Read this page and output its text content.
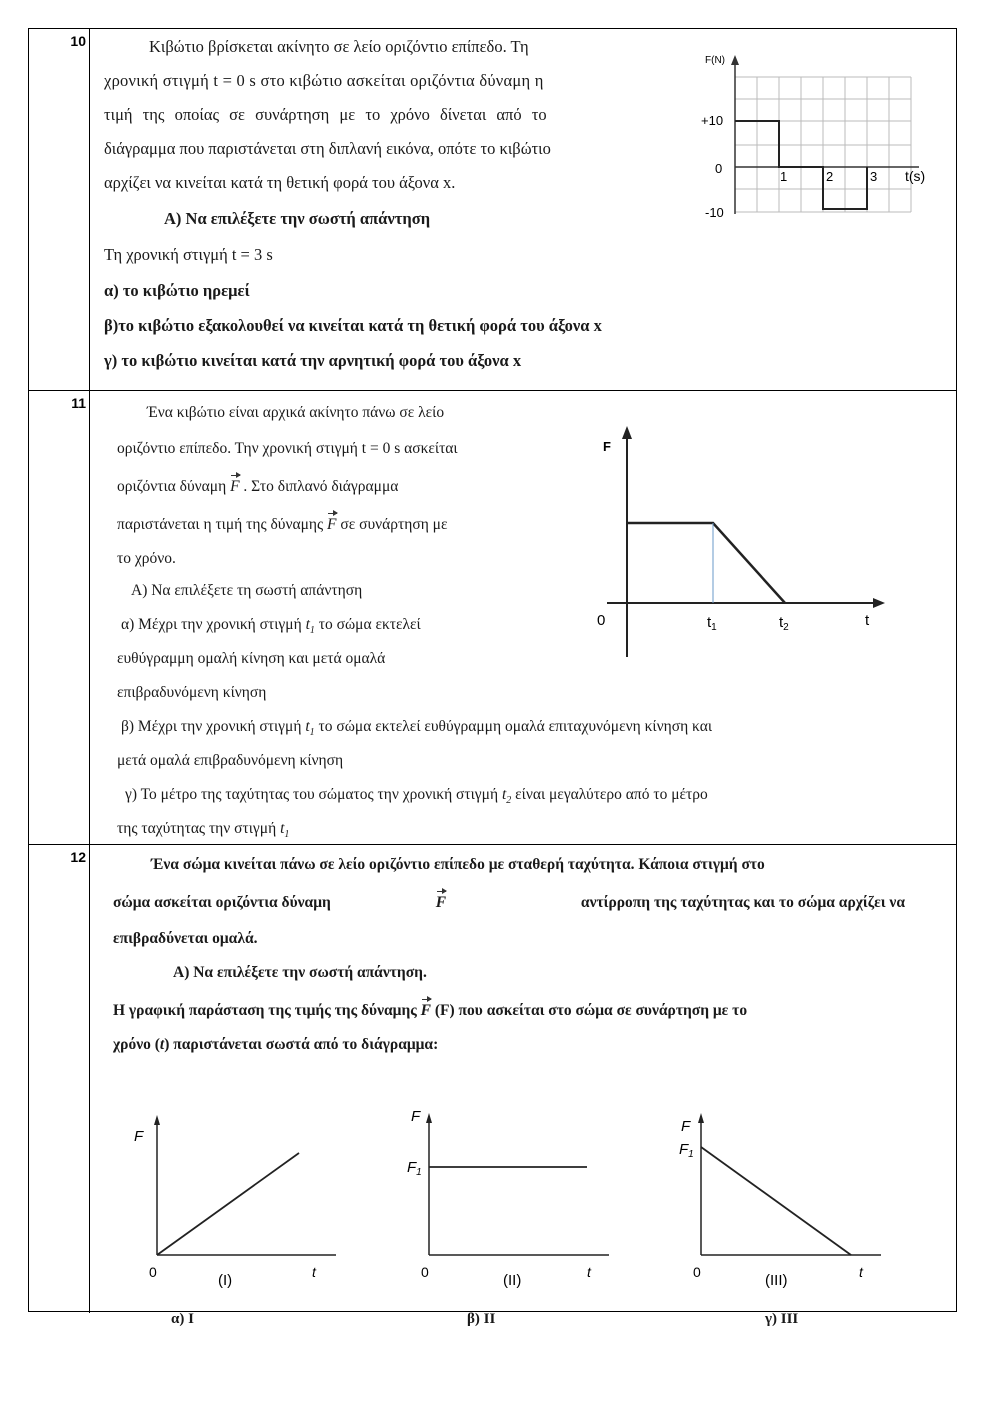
10	Κιβώτιο βρίσκεται ακίνητο σε λείο οριζόντιο επίπεδο. Τη
χρονική στιγμή t = 0 s στο κιβώτιο ασκείται οριζόντια δύναμη η
τιμή της οποίας σε συνάρτηση με το χρόνο δίνεται από το
διάγραμμα που παριστάνεται στη διπλανή εικόνα, οπότε το κιβώτιο
αρχίζει να κινείται κατά τη θετική φορά του άξονα x.
Α) Να επιλέξετε την σωστή απάντηση
Τη χρονική στιγμή t = 3 s
α) το κιβώτιο ηρεμεί
β)το κιβώτιο εξακολουθεί να κινείται κατά τη θετική φορά του άξονα x
γ) το κιβώτιο κινείται κατά την αρνητική φορά του άξονα x
F(N)
+10
0
-10
1	2	3 t(s)
11
Ένα κιβώτιο είναι αρχικά ακίνητο πάνω σε λείο
οριζόντιο επίπεδο. Την χρονική στιγμή t = 0 s ασκείται
οριζόντια δύναμη F . Στο διπλανό διάγραμμα
παριστάνεται η τιμή της δύναμης F σε συνάρτηση με
το χρόνο.
Α) Να επιλέξετε τη σωστή απάντηση
α) Μέχρι την χρονική στιγμή $t_1$ το σώμα εκτελεί
ευθύγραμμη ομαλή κίνηση και μετά ομαλά
επιβραδυνόμενη κίνηση
β) Μέχρι την χρονική στιγμή $t_1$ το σώμα εκτελεί ευθύγραμμη ομαλά επιταχυνόμενη κίνηση και
μετά ομαλά επιβραδυνόμενη κίνηση
γ) Το μέτρο της ταχύτητας του σώματος την χρονική στιγμή $t_2$ είναι μεγαλύτερο από το μέτρο
της ταχύτητας την στιγμή $t_1$
F
0	$t_1$	$t_2$	t
12	Ένα σώμα κινείται πάνω σε λείο οριζόντιο επίπεδο με σταθερή ταχύτητα. Κάποια στιγμή στο
σώμα ασκείται οριζόντια δύναμη	F	αντίρροπη της ταχύτητας και το σώμα αρχίζει να
επιβραδύνεται ομαλά.
Α) Να επιλέξετε την σωστή απάντηση.
Η γραφική παράσταση της τιμής της δύναμης F (F) που ασκείται στο σώμα σε συνάρτηση με το
χρόνο (t) παριστάνεται σωστά από το διάγραμμα:
F
0	t
(I)
α) I
F
$F_1$
0	t
(II)
β) II
F
$F_1$
0	t
(III)
γ) III
